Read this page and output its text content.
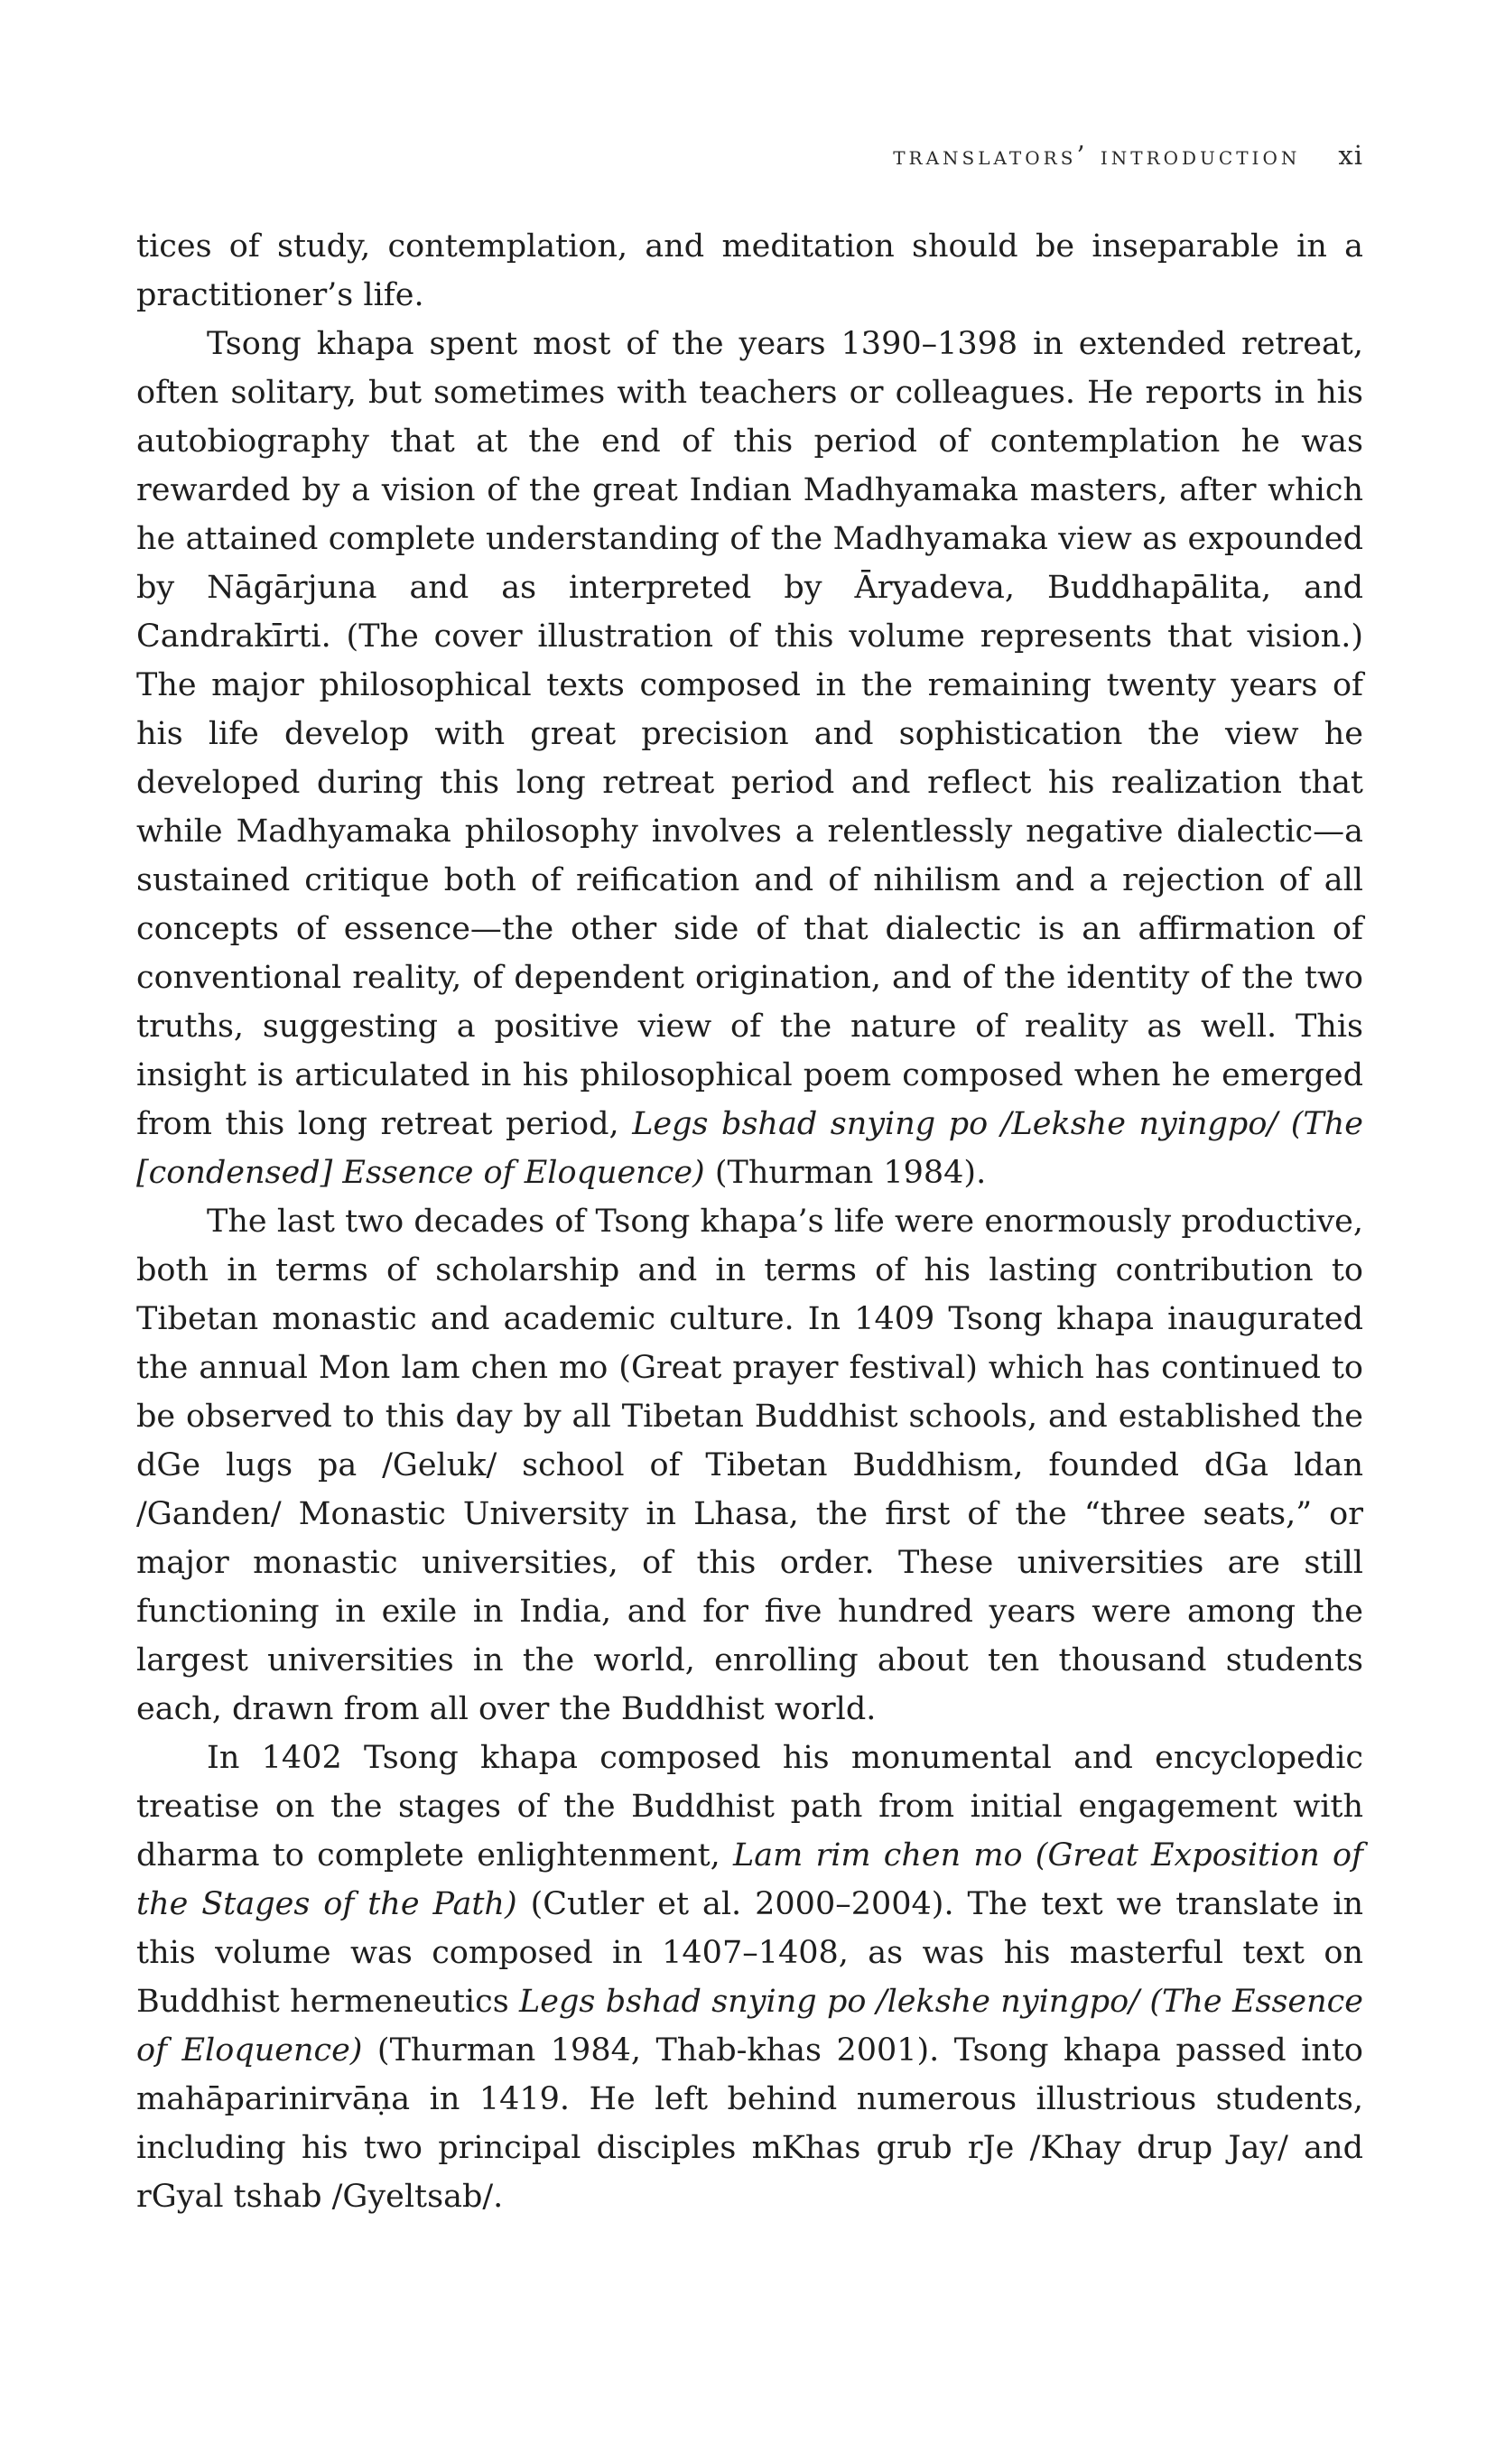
translators’ introduction xi

tices of study, contemplation, and meditation should be inseparable in a practitioner’s life.

Tsong khapa spent most of the years 1390–1398 in extended retreat, often solitary, but sometimes with teachers or colleagues. He reports in his autobiography that at the end of this period of contemplation he was rewarded by a vision of the great Indian Madhyamaka masters, after which he attained complete understanding of the Madhyamaka view as expounded by Nāgārjuna and as interpreted by Āryadeva, Buddhapālita, and Candrakīrti. (The cover illustration of this volume represents that vision.) The major philosophical texts composed in the remaining twenty years of his life develop with great precision and sophistication the view he developed during this long retreat period and reflect his realization that while Madhyamaka philosophy involves a relentlessly negative dialectic—a sustained critique both of reification and of nihilism and a rejection of all concepts of essence—the other side of that dialectic is an affirmation of conventional reality, of dependent origination, and of the identity of the two truths, suggesting a positive view of the nature of reality as well. This insight is articulated in his philosophical poem composed when he emerged from this long retreat period, Legs bshad snying po /Lekshe nyingpo/ (The [condensed] Essence of Eloquence) (Thurman 1984).

The last two decades of Tsong khapa’s life were enormously productive, both in terms of scholarship and in terms of his lasting contribution to Tibetan monastic and academic culture. In 1409 Tsong khapa inaugurated the annual Mon lam chen mo (Great prayer festival) which has continued to be observed to this day by all Tibetan Buddhist schools, and established the dGe lugs pa /Geluk/ school of Tibetan Buddhism, founded dGa ldan /Ganden/ Monastic University in Lhasa, the first of the “three seats,” or major monastic universities, of this order. These universities are still functioning in exile in India, and for five hundred years were among the largest universities in the world, enrolling about ten thousand students each, drawn from all over the Buddhist world.

In 1402 Tsong khapa composed his monumental and encyclopedic treatise on the stages of the Buddhist path from initial engagement with dharma to complete enlightenment, Lam rim chen mo (Great Exposition of the Stages of the Path) (Cutler et al. 2000–2004). The text we translate in this volume was composed in 1407–1408, as was his masterful text on Buddhist hermeneutics Legs bshad snying po /lekshe nyingpo/ (The Essence of Eloquence) (Thurman 1984, Thab-khas 2001). Tsong khapa passed into mahāparinirvāṇa in 1419. He left behind numerous illustrious students, including his two principal disciples mKhas grub rJe /Khay drup Jay/ and rGyal tshab /Gyeltsab/.
